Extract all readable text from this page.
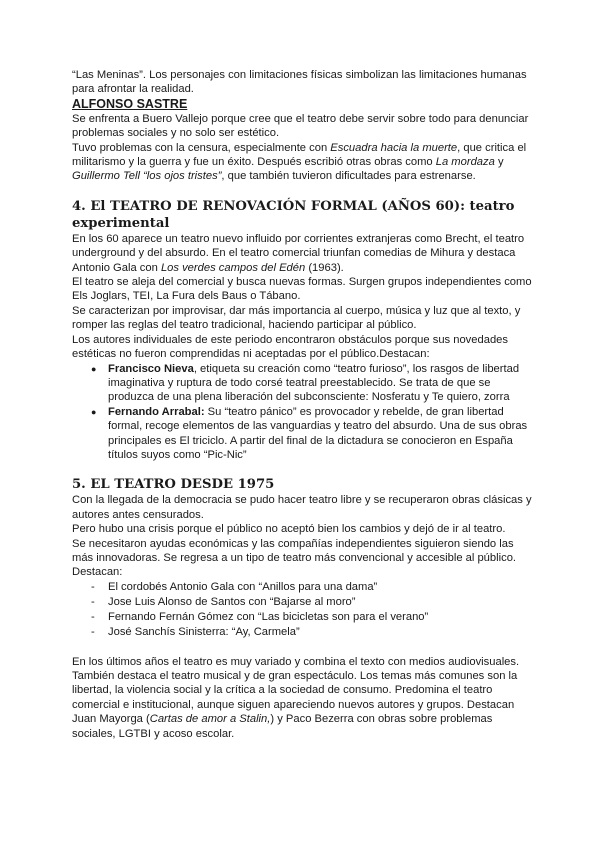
“Las Meninas”. Los personajes con limitaciones físicas simbolizan las limitaciones humanas para afrontar la realidad.

ALFONSO SASTRE

Se enfrenta a Buero Vallejo porque cree que el teatro debe servir sobre todo para denunciar problemas sociales y no solo ser estético.

Tuvo problemas con la censura, especialmente con Escuadra hacia la muerte, que critica el militarismo y la guerra y fue un éxito. Después escribió otras obras como La mordaza y Guillermo Tell “los ojos tristes”, que también tuvieron dificultades para estrenarse.

4. El TEATRO DE RENOVACIÓN FORMAL (AÑOS 60): teatro experimental

En los 60 aparece un teatro nuevo influido por corrientes extranjeras como Brecht, el teatro underground y del absurdo. En el teatro comercial triunfan comedias de Mihura y destaca Antonio Gala con Los verdes campos del Edén (1963).

El teatro se aleja del comercial y busca nuevas formas. Surgen grupos independientes como Els Joglars, TEI, La Fura dels Baus o Tábano.

Se caracterizan por improvisar, dar más importancia al cuerpo, música y luz que al texto, y romper las reglas del teatro tradicional, haciendo participar al público.

Los autores individuales de este periodo encontraron obstáculos porque sus novedades estéticas no fueron comprendidas ni aceptadas por el público.Destacan:

● Francisco Nieva, etiqueta su creación como “teatro furioso”, los rasgos de libertad imaginativa y ruptura de todo corsé teatral preestablecido. Se trata de que se produzca de una plena liberación del subconsciente: Nosferatu y Te quiero, zorra
● Fernando Arrabal: Su “teatro pánico” es provocador y rebelde, de gran libertad formal, recoge elementos de las vanguardias y teatro del absurdo. Una de sus obras principales es El triciclo. A partir del final de la dictadura se conocieron en España títulos suyos como “Pic-Nic”
5. EL TEATRO DESDE 1975

Con la llegada de la democracia se pudo hacer teatro libre y se recuperaron obras clásicas y autores antes censurados.

Pero hubo una crisis porque el público no aceptó bien los cambios y dejó de ir al teatro.

Se necesitaron ayudas económicas y las compañías independientes siguieron siendo las más innovadoras. Se regresa a un tipo de teatro más convencional y accesible al público.

Destacan:

- El cordobés Antonio Gala con “Anillos para una dama”
- Jose Luis Alonso de Santos con “Bajarse al moro”
- Fernando Fernán Gómez con “Las bicicletas son para el verano”
- José Sanchís Sinisterra: “Ay, Carmela”

En los últimos años el teatro es muy variado y combina el texto con medios audiovisuales. También destaca el teatro musical y de gran espectáculo. Los temas más comunes son la libertad, la violencia social y la crítica a la sociedad de consumo. Predomina el teatro comercial e institucional, aunque siguen apareciendo nuevos autores y grupos. Destacan Juan Mayorga (Cartas de amor a Stalin,) y Paco Bezerra con obras sobre problemas sociales, LGTBI y acoso escolar.
